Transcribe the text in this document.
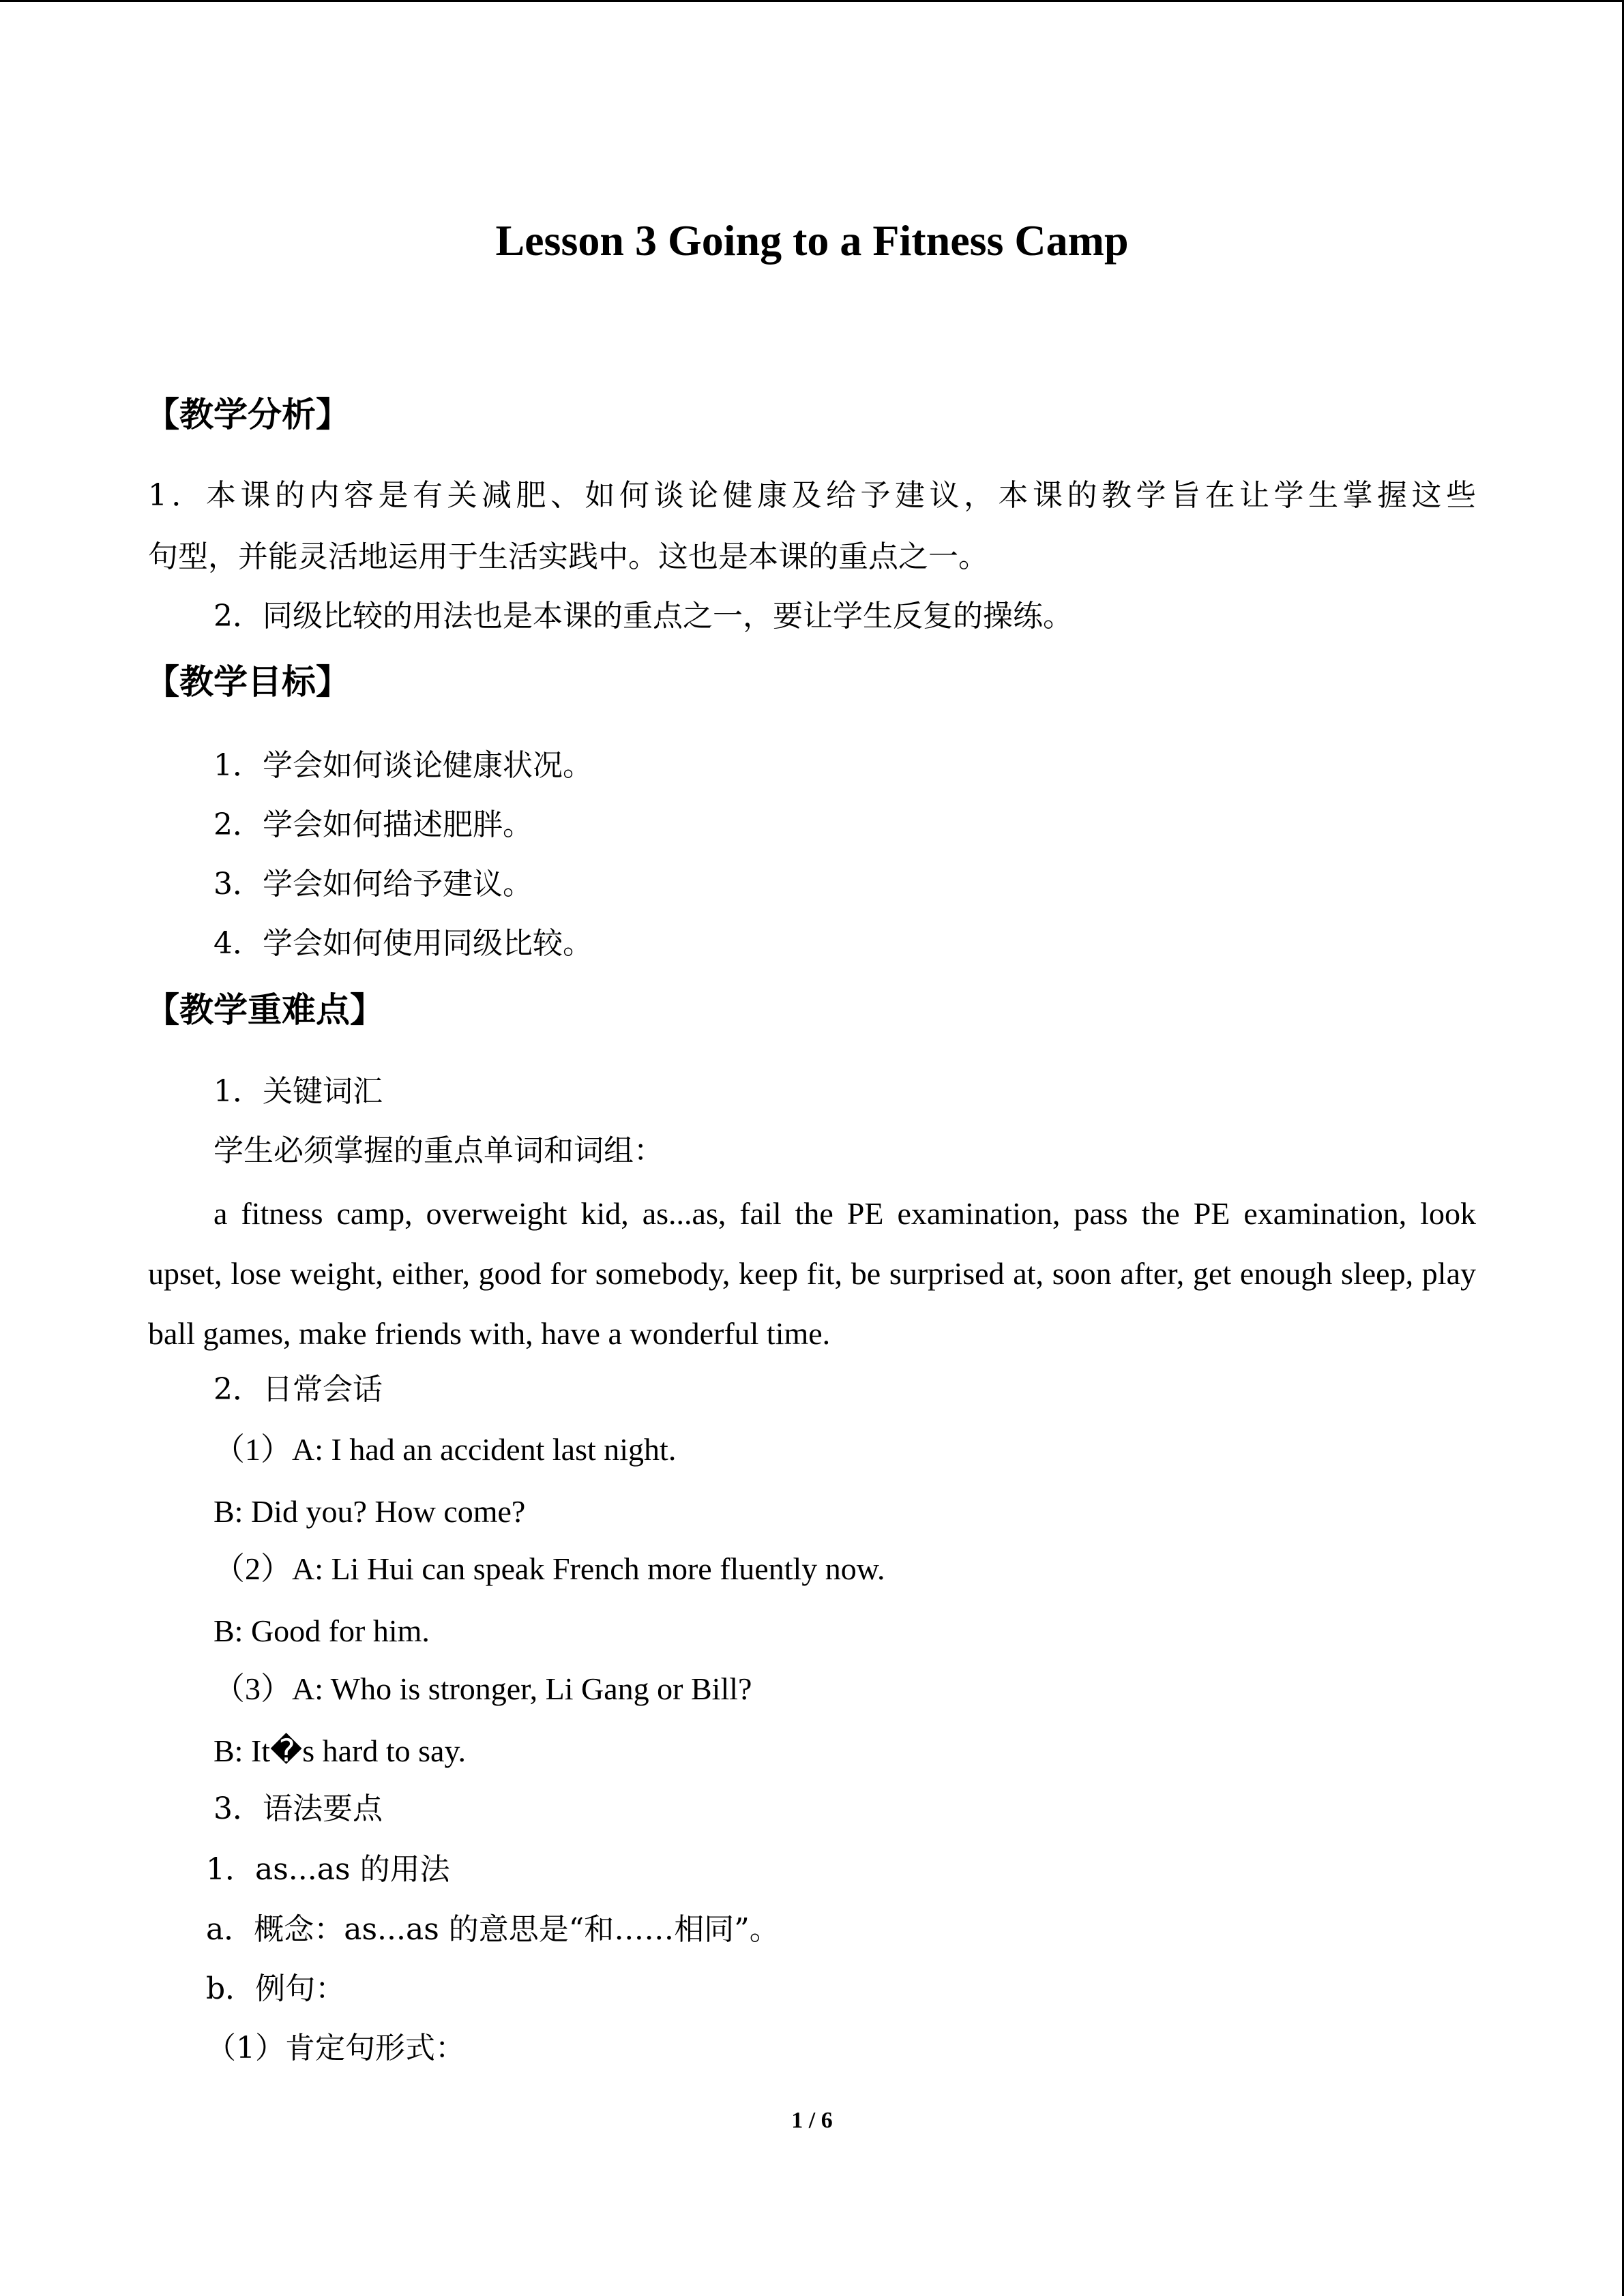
Lesson 3 Going to a Fitness Camp
【教学分析】
1．本课的内容是有关减肥、如何谈论健康及给予建议，本课的教学旨在让学生掌握这些
句型，并能灵活地运用于生活实践中。这也是本课的重点之一。
2．同级比较的用法也是本课的重点之一，要让学生反复的操练。
【教学目标】
1．学会如何谈论健康状况。
2．学会如何描述肥胖。
3．学会如何给予建议。
4．学会如何使用同级比较。
【教学重难点】
1．关键词汇
学生必须掌握的重点单词和词组：
a fitness camp, overweight kid, as...as, fail the PE examination, pass the PE examination, look upset, lose weight, either, good for somebody, keep fit, be surprised at, soon after, get enough sleep, play ball games, make friends with, have a wonderful time.
2．日常会话
（1）A: I had an accident last night.
B: Did you? How come?
（2）A: Li Hui can speak French more fluently now.
B: Good for him.
（3）A: Who is stronger, Li Gang or Bill?
B: It�s hard to say.
3．语法要点
1．as...as 的用法
a．概念：as...as 的意思是“和……相同”。
b．例句：
（1）肯定句形式：
1 / 6
